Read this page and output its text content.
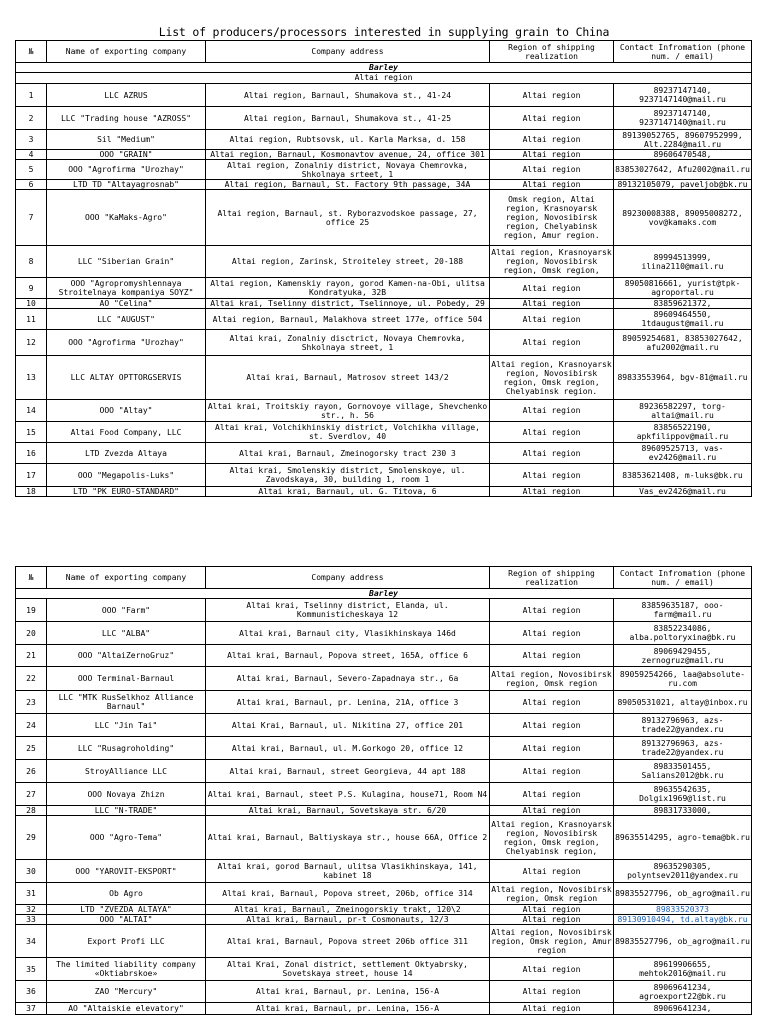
List of producers/processors interested in supplying grain to China
№	Name of exporting company	Company address	Region of shipping realization	Contact Infromation (phone num. / email)
Barley				
Altai region				
1	LLC AZRUS	Altai region, Barnaul, Shumakova st., 41-24	Altai region	89237147140, 9237147140@mail.ru
2	LLC "Trading house "AZROSS"	Altai region, Barnaul, Shumakova st., 41-25	Altai region	89237147140, 9237147140@mail.ru
3	Sil "Medium"	Altai region, Rubtsovsk, ul. Karla Marksa, d. 158	Altai region	89139052765, 89607952999, Alt.2284@mail.ru
4	OOO "GRAIN"	Altai region, Barnaul, Kosmonavtov avenue, 24, office 301	Altai region	89606470548,
5	OOO "Agrofirma "Urozhay"	Altai region, Zonalniy district, Novaya Chemrovka, Shkolnaya srteet, 1	Altai region	83853027642, Afu2002@mail.ru
6	LTD TD "Altayagrosnab"	Altai region, Barnaul, St. Factory 9th passage, 34A	Altai region	89132105079, paveljob@bk.ru
7	OOO "KaMaks-Agro"	Altai region, Barnaul, st. Ryborazvodskoe passage, 27, office 25	Omsk region, Altai region, Krasnoyarsk region, Novosibirsk region, Chelyabinsk region, Amur region.	89230008388, 89095008272, vov@kamaks.com
8	LLC "Siberian Grain"	Altai region, Zarinsk, Stroiteley street, 20-188	Altai region, Krasnoyarsk region, Novosibirsk region, Omsk region,	89994513999, ilina2110@mail.ru
9	OOO "Agropromyshlennaya Stroitelnaya kompaniya SOYZ"	Altai region, Kamenskiy rayon, gorod Kamen-na-Obi, ulitsa Kondratyuka, 32B	Altai region	89050816661, yurist@tpk-agroportal.ru
10	AO "Celina"	Altai krai, Tselinny district, Tselinnoye, ul. Pobedy, 29	Altai region	83859621372,
11	LLC "AUGUST"	Altai region, Barnaul, Malakhova street 177e, office 504	Altai region	89609464550, 1tdaugust@mail.ru
12	OOO "Agrofirma "Urozhay"	Altai krai, Zonalniy disctrict, Novaya Chemrovka, Shkolnaya street, 1	Altai region	89059254681, 83853027642, afu2002@mail.ru
13	LLC ALTAY OPTTORGSERVIS	Altai krai, Barnaul, Matrosov street 143/2	Altai region, Krasnoyarsk region, Novosibirsk region, Omsk region, Chelyabinsk region.	89833553964, bgv-81@mail.ru
14	OOO "Altay"	Altai krai, Troitskiy rayon, Gornovoye village, Shevchenko str., h. 56	Altai region	89236582297, torg-altai@mail.ru
15	Altai Food Company, LLC	Altai krai, Volchikhinskiy district, Volchikha village, st. Sverdlov, 40	Altai region	83856522190, apkfilippov@mail.ru
16	LTD Zvezda Altaya	Altai krai, Barnaul, Zmeinogorsky tract 230 3	Altai region	89609525713, vas-ev2426@mail.ru
17	OOO "Megapolis-Luks"	Altai krai, Smolenskiy district, Smolenskoye, ul. Zavodskaya, 30, building 1, room 1	Altai region	83853621408, m-luks@bk.ru
18	LTD "PK EURO-STANDARD"	Altai krai, Barnaul, ul. G. Titova, 6	Altai region	Vas_ev2426@mail.ru
№	Name of exporting company	Company address	Region of shipping realization	Contact Infromation (phone num. / email)
Barley				
19	OOO "Farm"	Altai krai, Tselinny district, Elanda, ul. Kommunisticheskaya 12	Altai region	83859635187, ooo-farm@mail.ru
20	LLC "ALBA"	Altai krai, Barnaul city, Vlasikhinskaya 146d	Altai region	83852234086, alba.poltoryxina@bk.ru
21	OOO "AltaiZernoGruz"	Altai krai, Barnaul, Popova street, 165A, office 6	Altai region	89069429455, zernogruz@mail.ru
22	OOO Terminal-Barnaul	Altai krai, Barnaul, Severo-Zapadnaya str., 6a	Altai region, Novosibirsk region, Omsk region	89059254266, laa@absolute-ru.com
23	LLC "MTK RusSelkhoz Alliance Barnaul"	Altai krai, Barnaul, pr. Lenina, 21A, office 3	Altai region	89050531021, altay@inbox.ru
24	LLC "Jin Tai"	Altai Krai, Barnaul, ul. Nikitina 27, office 201	Altai region	89132796963, azs-trade22@yandex.ru
25	LLC "Rusagroholding"	Altai krai, Barnaul, ul. M.Gorkogo 20, office 12	Altai region	89132796963, azs-trade22@yandex.ru
26	StroyAlliance LLC	Altai krai, Barnaul, street Georgieva, 44 apt 188	Altai region	89833501455, Salians2012@bk.ru
27	OOO Novaya Zhizn	Altai krai, Barnaul, steet P.S. Kulagina, house71, Room N4	Altai region	89635542635, Dolgix1969@list.ru
28	LLC "N-TRADE"	Altai krai, Barnaul, Sovetskaya str. 6/20	Altai region	89831733000,
29	OOO "Agro-Tema"	Altai krai, Barnaul, Baltiyskaya str., house 66A, Office 2	Altai region, Krasnoyarsk region, Novosibirsk region, Omsk region, Chelyabinsk region,	89635514295, agro-tema@bk.ru
30	OOO "YAROVIT-EKSPORT"	Altai krai, gorod Barnaul, ulitsa Vlasikhinskaya, 141, kabinet 18	Altai region	89635290305, polyntsev2011@yandex.ru
31	Ob Agro	Altai krai, Barnaul, Popova street, 206b, office 314	Altai region, Novosibirsk region, Omsk region	89835527796, ob_agro@mail.ru
32	LTD "ZVEZDA ALTAYA"	Altai krai, Barnaul, Zmeinogorskiy trakt, 120\2	Altai region	89833520373
33	OOO "ALTAI"	Altai krai, Barnaul, pr-t Cosmonauts, 12/3	Altai region	89130910494, td.altay@bk.ru
34	Export Profi LLC	Altai krai, Barnaul, Popova street 206b office 311	Altai region, Novosibirsk region, Omsk region, Amur region	89835527796, ob_agro@mail.ru
35	The limited liability company «Oktiabrskoe»	Altai Krai, Zonal district, settlement Oktyabrsky, Sovetskaya street, house 14	Altai region	89619906655, mehtok2016@mail.ru
36	ZAO "Mercury"	Altai krai, Barnaul, pr. Lenina, 156-A	Altai region	89069641234, agroexport22@bk.ru
37	AO "Altaiskie elevatory"	Altai krai, Barnaul, pr. Lenina, 156-A	Altai region	89069641234,
